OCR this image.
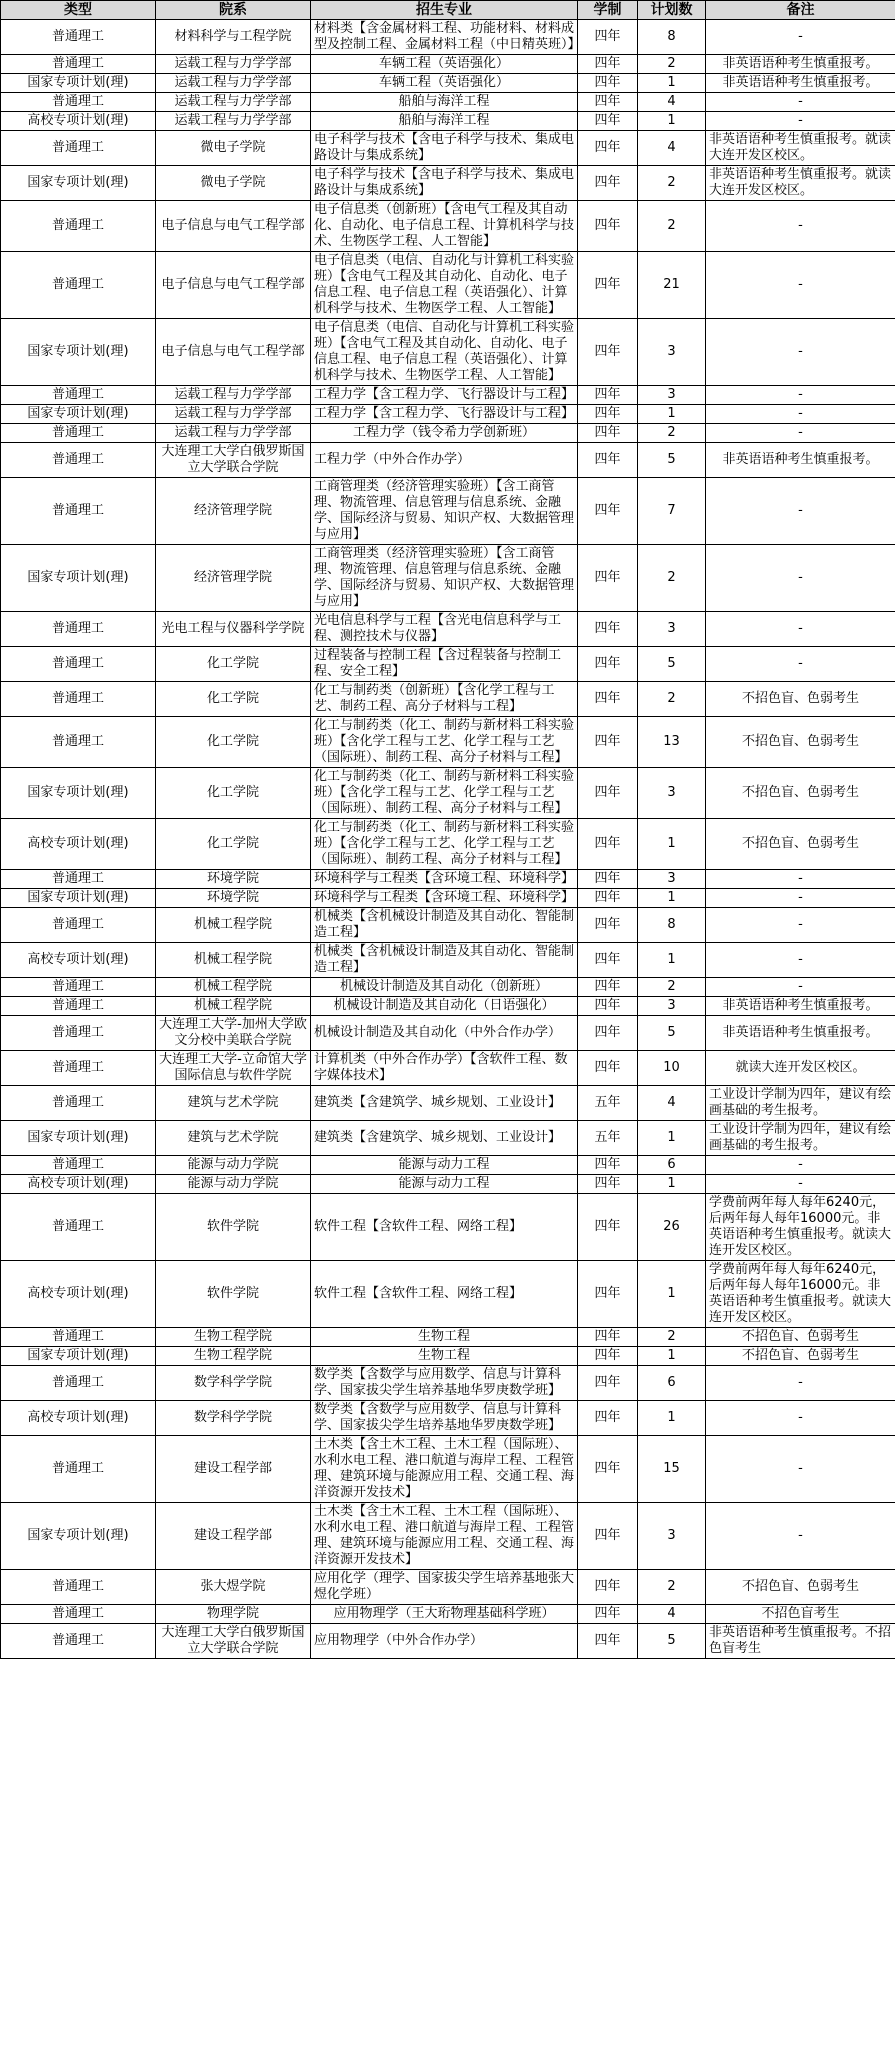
类型	院系	招生专业	学制	计划数	备注
普通理工	材料科学与工程学院	材料类【含金属材料工程、功能材料、材料成型及控制工程、金属材料工程（中日精英班）】	四年	8	-
普通理工	运载工程与力学学部	车辆工程（英语强化）	四年	2	非英语语种考生慎重报考。
国家专项计划(理)	运载工程与力学学部	车辆工程（英语强化）	四年	1	非英语语种考生慎重报考。
普通理工	运载工程与力学学部	船舶与海洋工程	四年	4	-
高校专项计划(理)	运载工程与力学学部	船舶与海洋工程	四年	1	-
普通理工	微电子学院	电子科学与技术【含电子科学与技术、集成电路设计与集成系统】	四年	4	非英语语种考生慎重报考。就读大连开发区校区。
国家专项计划(理)	微电子学院	电子科学与技术【含电子科学与技术、集成电路设计与集成系统】	四年	2	非英语语种考生慎重报考。就读大连开发区校区。
普通理工	电子信息与电气工程学部	电子信息类（创新班）【含电气工程及其自动化、自动化、电子信息工程、计算机科学与技术、生物医学工程、人工智能】	四年	2	-
普通理工	电子信息与电气工程学部	电子信息类（电信、自动化与计算机工科实验班）【含电气工程及其自动化、自动化、电子信息工程、电子信息工程（英语强化）、计算机科学与技术、生物医学工程、人工智能】	四年	21	-
国家专项计划(理)	电子信息与电气工程学部	电子信息类（电信、自动化与计算机工科实验班）【含电气工程及其自动化、自动化、电子信息工程、电子信息工程（英语强化）、计算机科学与技术、生物医学工程、人工智能】	四年	3	-
普通理工	运载工程与力学学部	工程力学【含工程力学、飞行器设计与工程】	四年	3	-
国家专项计划(理)	运载工程与力学学部	工程力学【含工程力学、飞行器设计与工程】	四年	1	-
普通理工	运载工程与力学学部	工程力学（钱令希力学创新班）	四年	2	-
普通理工	大连理工大学白俄罗斯国立大学联合学院	工程力学（中外合作办学）	四年	5	非英语语种考生慎重报考。
普通理工	经济管理学院	工商管理类（经济管理实验班）【含工商管理、物流管理、信息管理与信息系统、金融学、国际经济与贸易、知识产权、大数据管理与应用】	四年	7	-
国家专项计划(理)	经济管理学院	工商管理类（经济管理实验班）【含工商管理、物流管理、信息管理与信息系统、金融学、国际经济与贸易、知识产权、大数据管理与应用】	四年	2	-
普通理工	光电工程与仪器科学学院	光电信息科学与工程【含光电信息科学与工程、测控技术与仪器】	四年	3	-
普通理工	化工学院	过程装备与控制工程【含过程装备与控制工程、安全工程】	四年	5	-
普通理工	化工学院	化工与制药类（创新班）【含化学工程与工艺、制药工程、高分子材料与工程】	四年	2	不招色盲、色弱考生
普通理工	化工学院	化工与制药类（化工、制药与新材料工科实验班）【含化学工程与工艺、化学工程与工艺（国际班）、制药工程、高分子材料与工程】	四年	13	不招色盲、色弱考生
国家专项计划(理)	化工学院	化工与制药类（化工、制药与新材料工科实验班）【含化学工程与工艺、化学工程与工艺（国际班）、制药工程、高分子材料与工程】	四年	3	不招色盲、色弱考生
高校专项计划(理)	化工学院	化工与制药类（化工、制药与新材料工科实验班）【含化学工程与工艺、化学工程与工艺（国际班）、制药工程、高分子材料与工程】	四年	1	不招色盲、色弱考生
普通理工	环境学院	环境科学与工程类【含环境工程、环境科学】	四年	3	-
国家专项计划(理)	环境学院	环境科学与工程类【含环境工程、环境科学】	四年	1	-
普通理工	机械工程学院	机械类【含机械设计制造及其自动化、智能制造工程】	四年	8	-
高校专项计划(理)	机械工程学院	机械类【含机械设计制造及其自动化、智能制造工程】	四年	1	-
普通理工	机械工程学院	机械设计制造及其自动化（创新班）	四年	2	-
普通理工	机械工程学院	机械设计制造及其自动化（日语强化）	四年	3	非英语语种考生慎重报考。
普通理工	大连理工大学-加州大学欧文分校中美联合学院	机械设计制造及其自动化（中外合作办学）	四年	5	非英语语种考生慎重报考。
普通理工	大连理工大学-立命馆大学国际信息与软件学院	计算机类（中外合作办学）【含软件工程、数字媒体技术】	四年	10	就读大连开发区校区。
普通理工	建筑与艺术学院	建筑类【含建筑学、城乡规划、工业设计】	五年	4	工业设计学制为四年，建议有绘画基础的考生报考。
国家专项计划(理)	建筑与艺术学院	建筑类【含建筑学、城乡规划、工业设计】	五年	1	工业设计学制为四年，建议有绘画基础的考生报考。
普通理工	能源与动力学院	能源与动力工程	四年	6	-
高校专项计划(理)	能源与动力学院	能源与动力工程	四年	1	-
普通理工	软件学院	软件工程【含软件工程、网络工程】	四年	26	学费前两年每人每年6240元，后两年每人每年16000元。非英语语种考生慎重报考。就读大连开发区校区。
高校专项计划(理)	软件学院	软件工程【含软件工程、网络工程】	四年	1	学费前两年每人每年6240元，后两年每人每年16000元。非英语语种考生慎重报考。就读大连开发区校区。
普通理工	生物工程学院	生物工程	四年	2	不招色盲、色弱考生
国家专项计划(理)	生物工程学院	生物工程	四年	1	不招色盲、色弱考生
普通理工	数学科学学院	数学类【含数学与应用数学、信息与计算科学、国家拔尖学生培养基地华罗庚数学班】	四年	6	-
高校专项计划(理)	数学科学学院	数学类【含数学与应用数学、信息与计算科学、国家拔尖学生培养基地华罗庚数学班】	四年	1	-
普通理工	建设工程学部	土木类【含土木工程、土木工程（国际班）、水利水电工程、港口航道与海岸工程、工程管理、建筑环境与能源应用工程、交通工程、海洋资源开发技术】	四年	15	-
国家专项计划(理)	建设工程学部	土木类【含土木工程、土木工程（国际班）、水利水电工程、港口航道与海岸工程、工程管理、建筑环境与能源应用工程、交通工程、海洋资源开发技术】	四年	3	-
普通理工	张大煜学院	应用化学（理学、国家拔尖学生培养基地张大煜化学班）	四年	2	不招色盲、色弱考生
普通理工	物理学院	应用物理学（王大珩物理基础科学班）	四年	4	不招色盲考生
普通理工	大连理工大学白俄罗斯国立大学联合学院	应用物理学（中外合作办学）	四年	5	非英语语种考生慎重报考。不招色盲考生
